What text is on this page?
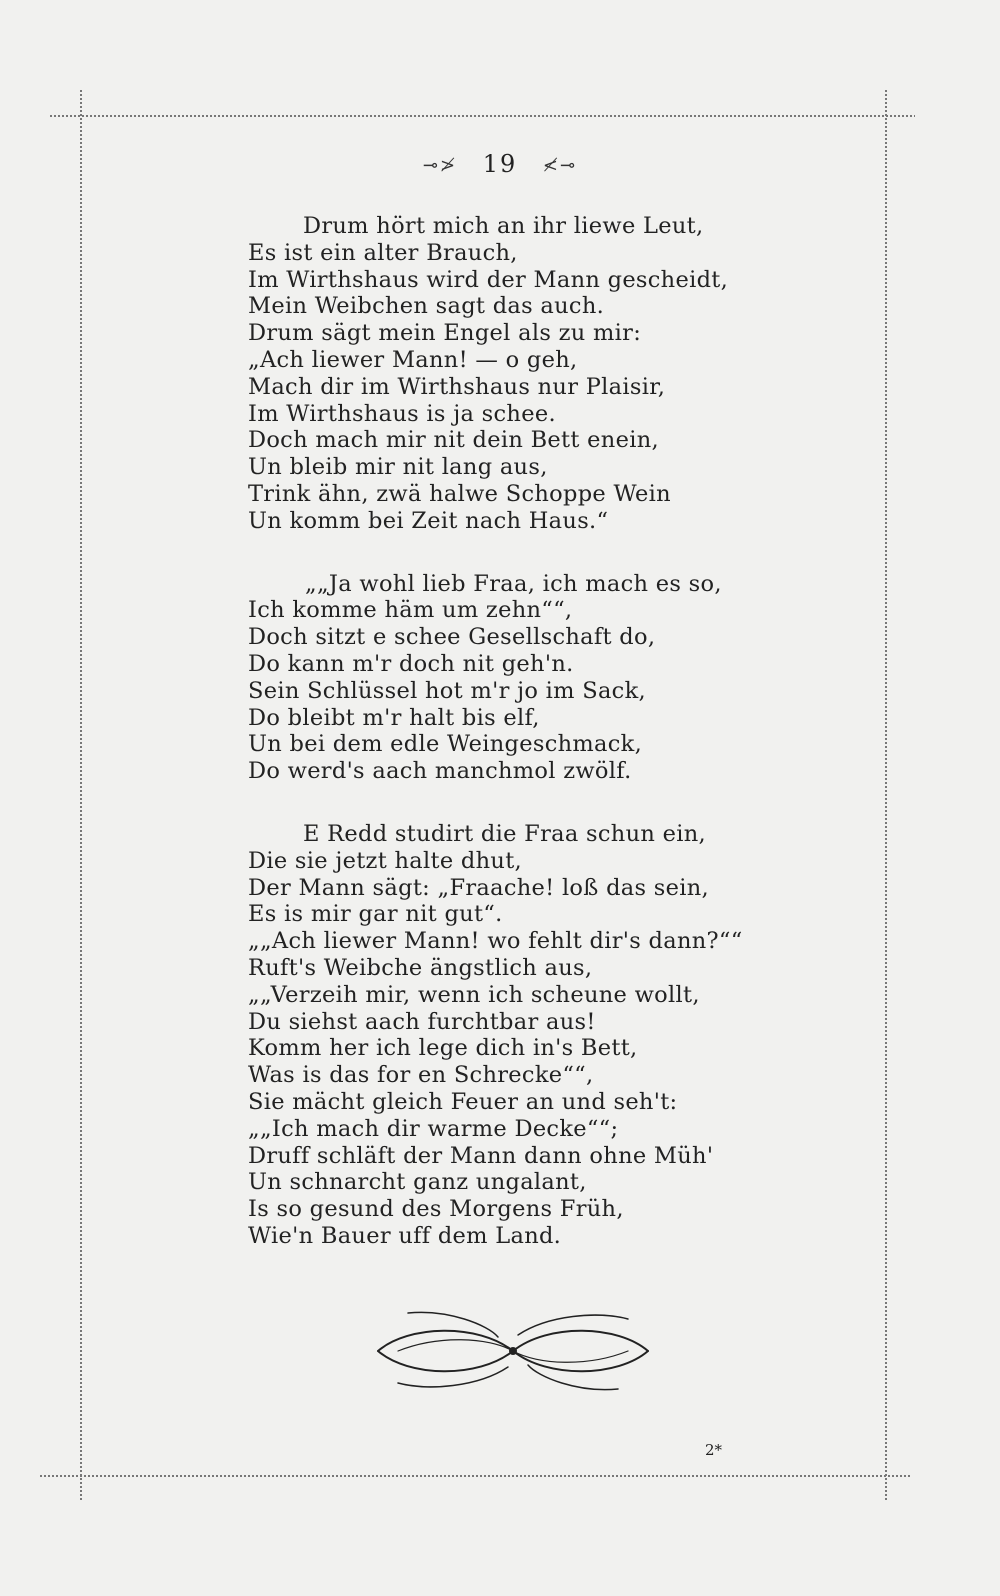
⊸≯ 19 ≮⊸
Drum hört mich an ihr liewe Leut,
Es ist ein alter Brauch,
Im Wirthshaus wird der Mann gescheidt,
Mein Weibchen sagt das auch.
Drum sägt mein Engel als zu mir:
„Ach liewer Mann! — o geh,
Mach dir im Wirthshaus nur Plaisir,
Im Wirthshaus is ja schee.
Doch mach mir nit dein Bett enein,
Un bleib mir nit lang aus,
Trink ähn, zwä halwe Schoppe Wein
Un komm bei Zeit nach Haus.“
„„Ja wohl lieb Fraa, ich mach es so,
Ich komme häm um zehn““,
Doch sitzt e schee Gesellschaft do,
Do kann m'r doch nit geh'n.
Sein Schlüssel hot m'r jo im Sack,
Do bleibt m'r halt bis elf,
Un bei dem edle Weingeschmack,
Do werd's aach manchmol zwölf.
E Redd studirt die Fraa schun ein,
Die sie jetzt halte dhut,
Der Mann sägt: „Fraache! loß das sein,
Es is mir gar nit gut“.
„„Ach liewer Mann! wo fehlt dir's dann?““
Ruft's Weibche ängstlich aus,
„„Verzeih mir, wenn ich scheune wollt,
Du siehst aach furchtbar aus!
Komm her ich lege dich in's Bett,
Was is das for en Schrecke““,
Sie mächt gleich Feuer an und seh't:
„„Ich mach dir warme Decke““;
Druff schläft der Mann dann ohne Müh'
Un schnarcht ganz ungalant,
Is so gesund des Morgens Früh,
Wie'n Bauer uff dem Land.
2*
